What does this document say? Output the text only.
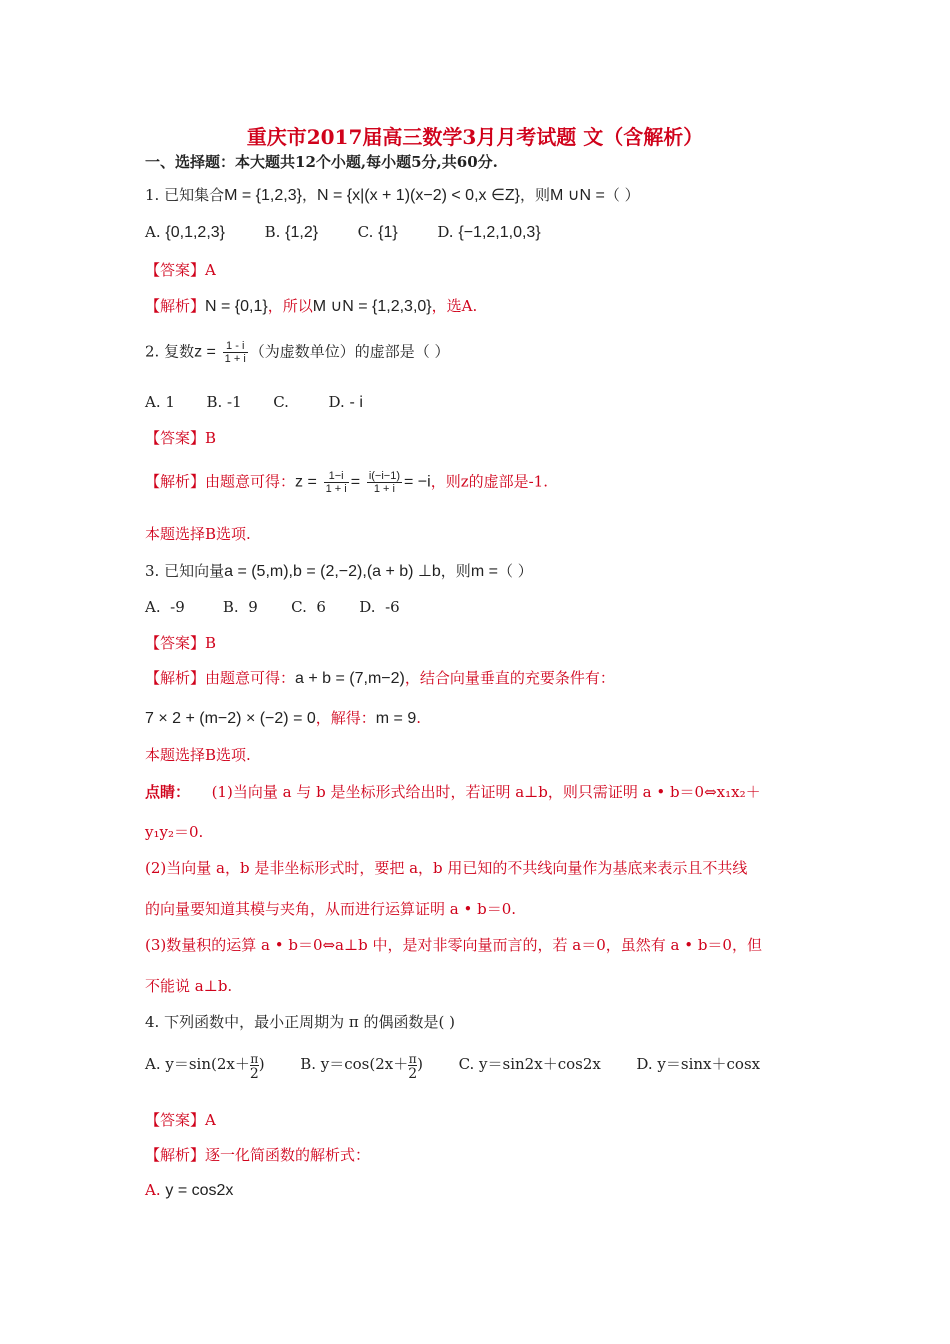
重庆市2017届高三数学3月月考试题 文（含解析）
一、选择题：本大题共12个小题,每小题5分,共60分.
1. 已知集合M = {1,2,3}，N = {x|(x + 1)(x−2) < 0,x ∈Z}，则M ∪N =（ ）
A. {0,1,2,3}	B. {1,2}	C. {1}	D. {−1,2,1,0,3}
【答案】A
【解析】N = {0,1}，所以M ∪N = {1,2,3,0}，选A.
2. 复数$z = \frac{1 - i}{1 + i}$ （为虚数单位）的虚部是（ ）
A. 1 B. -1 C.	D. - i
【答案】B
【解析】由题意可得：$z = \frac{1-i}{1 + i} = \frac{i(-i-1)}{1 + i} = -i$，则z的虚部是-1.
本题选择B选项.
3. 已知向量a = (5,m),b = (2,−2),(a + b) ⊥b，则m =（ ）
A.  -9        B.  9       C.  6       D.  -6
【答案】B
【解析】由题意可得：a + b = (7,m−2)，结合向量垂直的充要条件有：
7 × 2 + (m−2) × (−2) = 0，解得：m = 9.
本题选择B选项.
点睛： (1)当向量 a 与 b 是坐标形式给出时，若证明 a⊥b，则只需证明 a • b＝0⇔x₁x₂＋
y₁y₂＝0.
(2)当向量 a，b 是非坐标形式时，要把 a，b 用已知的不共线向量作为基底来表示且不共线
的向量要知道其模与夹角，从而进行运算证明 a • b＝0.
(3)数量积的运算 a • b＝0⇔a⊥b 中，是对非零向量而言的，若 a＝0，虽然有 a • b＝0，但
不能说 a⊥b.
4. 下列函数中，最小正周期为 π 的偶函数是( )
A. $y=\sin(2x+ \frac{\pi}{2}$ ) B. $y=\cos(2x+ \frac{\pi}{2}$ ) C. y＝sin2x＋cos2x D. y＝sinx＋cosx
【答案】A
【解析】逐一化简函数的解析式：
A. y = cos2x
